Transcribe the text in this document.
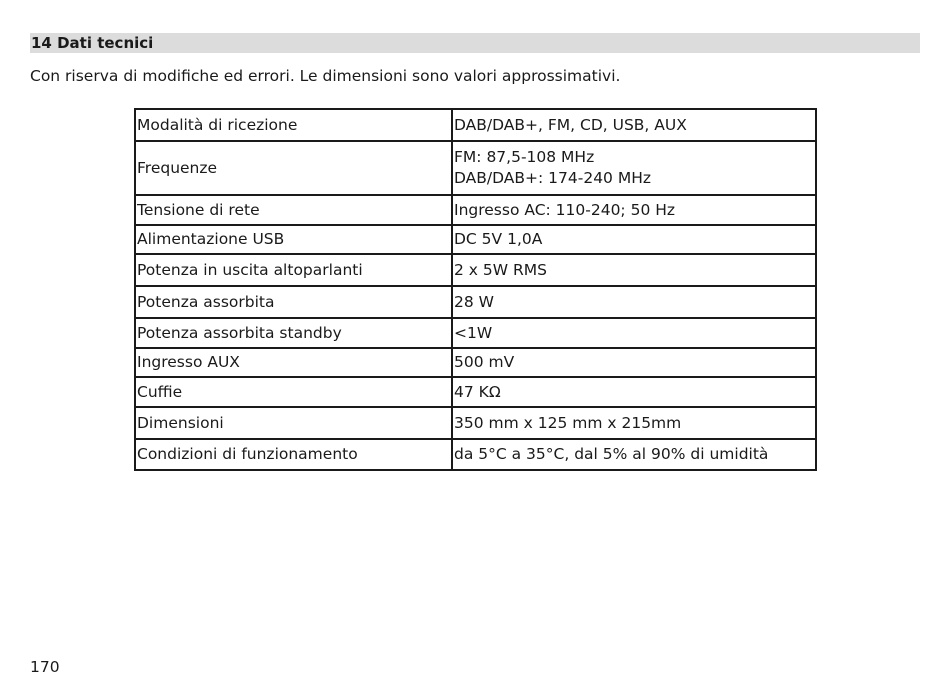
14 Dati tecnici
Con riserva di modifiche ed errori. Le dimensioni sono valori approssimativi.
Modalità di ricezione	DAB/DAB+, FM, CD, USB, AUX
Frequenze	FM: 87,5-108 MHz
DAB/DAB+: 174-240 MHz
Tensione di rete	Ingresso AC: 110-240; 50 Hz
Alimentazione USB	DC 5V 1,0A
Potenza in uscita altoparlanti	2 x 5W RMS
Potenza assorbita	28 W
Potenza assorbita standby	<1W
Ingresso AUX	500 mV
Cuffie	47 KΩ
Dimensioni	350 mm x 125 mm x 215mm
Condizioni di funzionamento	da 5°C a 35°C, dal 5% al 90% di umidità
170
